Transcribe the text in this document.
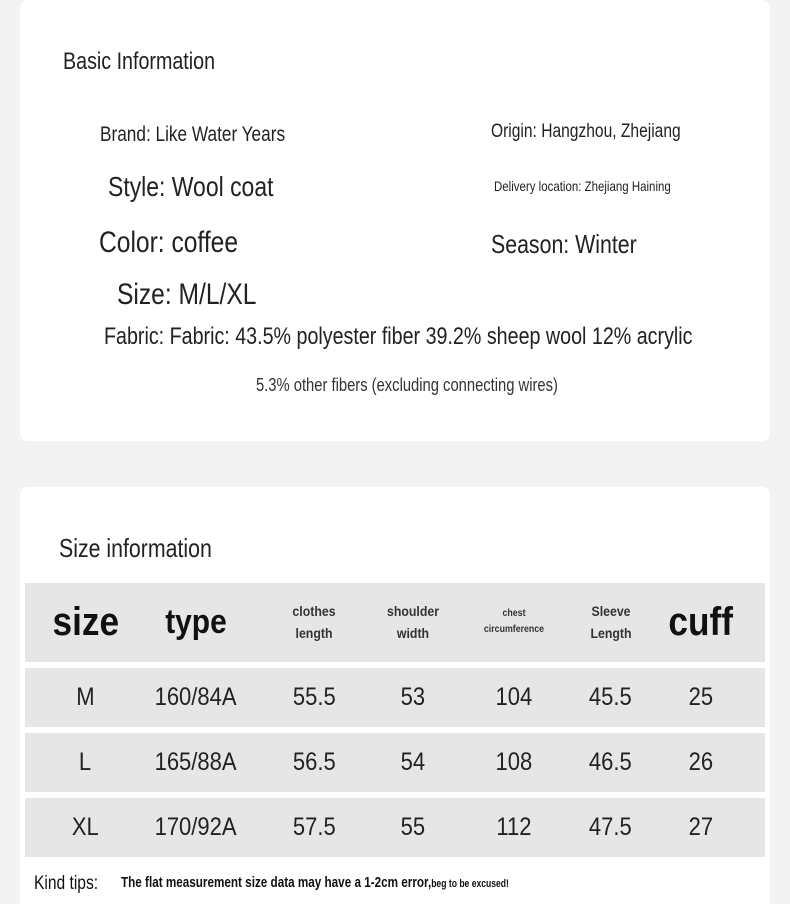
Basic Information
Brand: Like Water Years	Origin: Hangzhou, Zhejiang
Style: Wool coat	Delivery location: Zhejiang Haining
Color: coffee	Season: Winter
Size: M/L/XL
Fabric: Fabric: 43.5% polyester fiber 39.2% sheep wool 12% acrylic
5.3% other fibers (excluding connecting wires)
Size information
size	type	clothes length	shoulder width	chest circumference	Sleeve Length	cuff
M	160/84A	55.5	53	104	45.5	25
L	165/88A	56.5	54	108	46.5	26
XL	170/92A	57.5	55	112	47.5	27
Kind tips: The flat measurement size data may have a 1-2cm error,beg to be excused!
